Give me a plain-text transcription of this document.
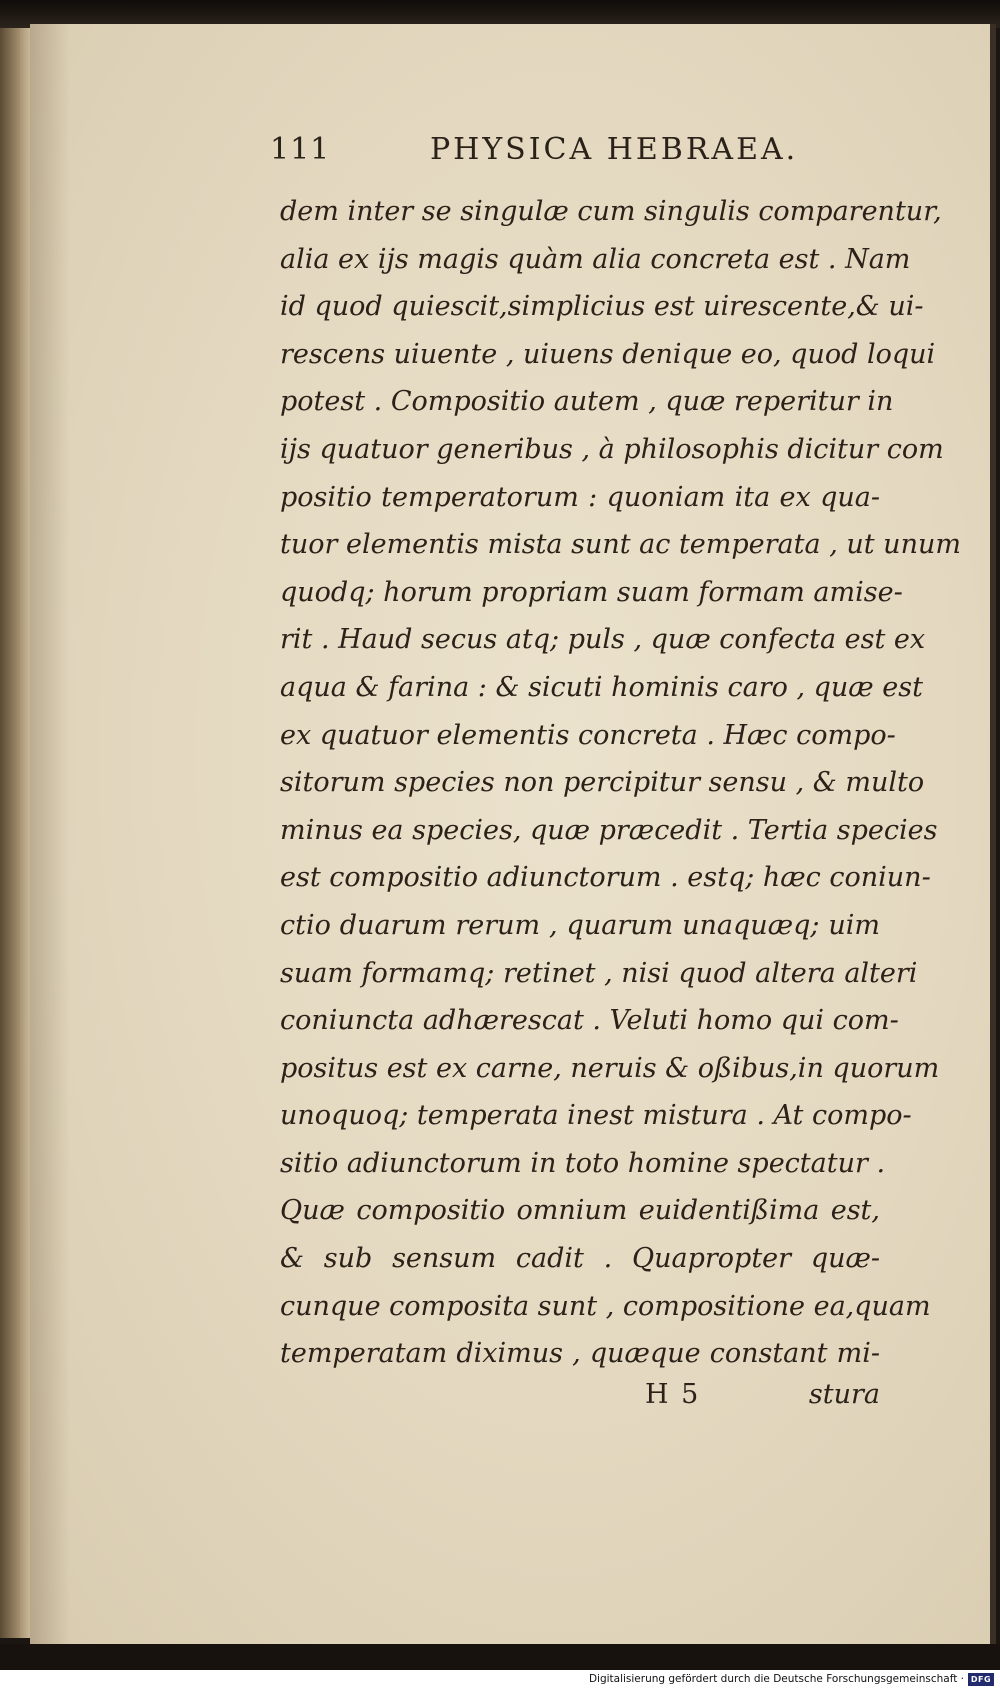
111	PHYSICA HEBRAEA.
dem inter se singulæ cum singulis comparentur,
alia ex ijs magis quàm alia concreta est . Nam
id quod quiescit,simplicius est uirescente,& ui-
rescens uiuente , uiuens denique eo, quod loqui
potest . Compositio autem , quæ reperitur in
ijs quatuor generibus , à philosophis dicitur com
positio temperatorum : quoniam ita ex qua-
tuor elementis mista sunt ac temperata , ut unum
quodq; horum propriam suam formam amise-
rit . Haud secus atq; puls , quæ confecta est ex
aqua & farina : & sicuti hominis caro , quæ est
ex quatuor elementis concreta . Hæc compo-
sitorum species non percipitur sensu , & multo
minus ea species, quæ præcedit . Tertia species
est compositio adiunctorum . estq; hæc coniun-
ctio duarum rerum , quarum unaquæq; uim
suam formamq; retinet , nisi quod altera alteri
coniuncta adhærescat . Veluti homo qui com-
positus est ex carne, neruis & oßibus,in quorum
unoquoq; temperata inest mistura . At compo-
sitio adiunctorum in toto homine spectatur .
Quæ compositio omnium euidentißima est,
& sub sensum cadit . Quapropter quæ-
cunque composita sunt , compositione ea,quam
temperatam diximus , quæque constant mi-
H 5	stura
Digitalisierung gefördert durch die Deutsche Forschungsgemeinschaft · DFG
